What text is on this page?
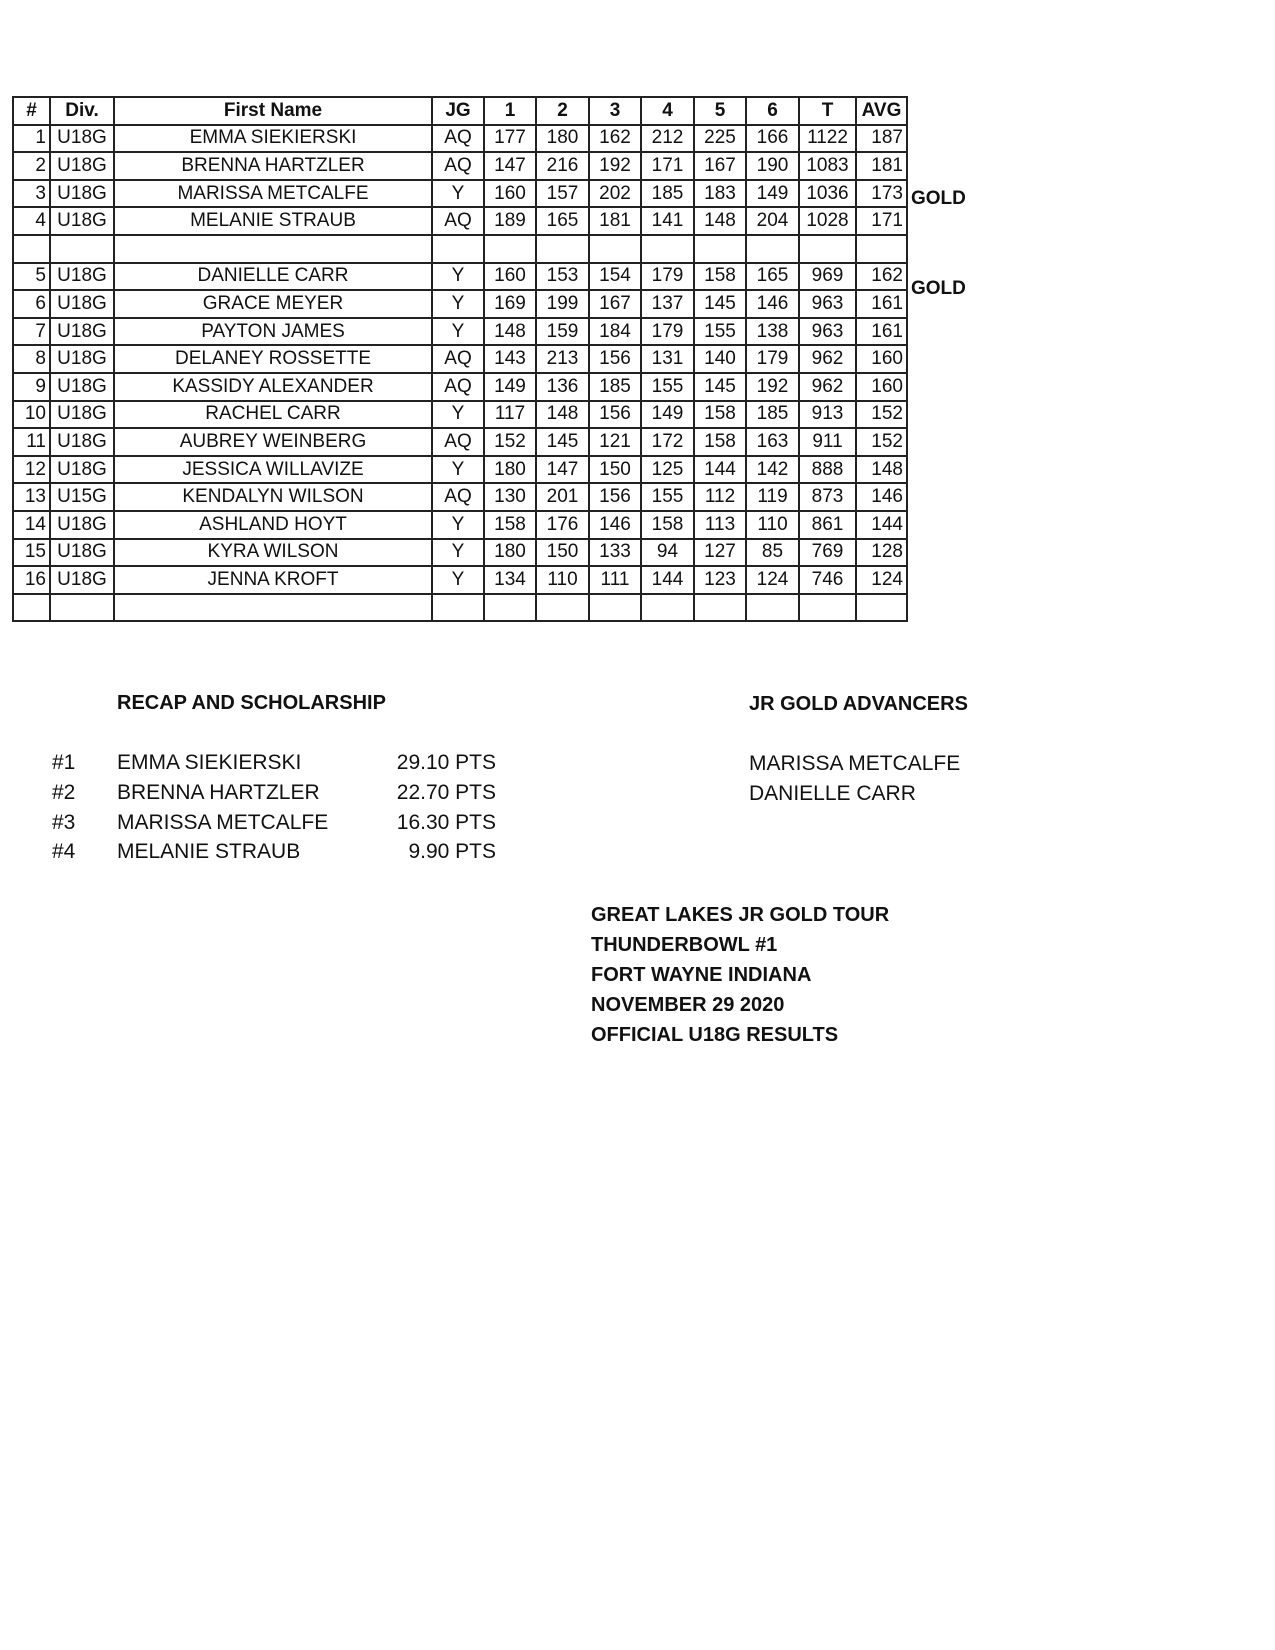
#	Div.	First Name	JG	1	2	3	4	5	6	T	AVG
1	U18G	EMMA SIEKIERSKI	AQ	177	180	162	212	225	166	1122	187
2	U18G	BRENNA HARTZLER	AQ	147	216	192	171	167	190	1083	181
3	U18G	MARISSA METCALFE	Y	160	157	202	185	183	149	1036	173
4	U18G	MELANIE STRAUB	AQ	189	165	181	141	148	204	1028	171

5	U18G	DANIELLE CARR	Y	160	153	154	179	158	165	969	162
6	U18G	GRACE MEYER	Y	169	199	167	137	145	146	963	161
7	U18G	PAYTON JAMES	Y	148	159	184	179	155	138	963	161
8	U18G	DELANEY ROSSETTE	AQ	143	213	156	131	140	179	962	160
9	U18G	KASSIDY ALEXANDER	AQ	149	136	185	155	145	192	962	160
10	U18G	RACHEL CARR	Y	117	148	156	149	158	185	913	152
11	U18G	AUBREY WEINBERG	AQ	152	145	121	172	158	163	911	152
12	U18G	JESSICA WILLAVIZE	Y	180	147	150	125	144	142	888	148
13	U15G	KENDALYN WILSON	AQ	130	201	156	155	112	119	873	146
14	U18G	ASHLAND HOYT	Y	158	176	146	158	113	110	861	144
15	U18G	KYRA WILSON	Y	180	150	133	94	127	85	769	128
16	U18G	JENNA KROFT	Y	134	110	111	144	123	124	746	124

GOLD
GOLD
RECAP AND SCHOLARSHIP
#1 EMMA SIEKIERSKI	29.10 PTS
#2 BRENNA HARTZLER	22.70 PTS
#3 MARISSA METCALFE	16.30 PTS
#4 MELANIE STRAUB	9.90 PTS
JR GOLD ADVANCERS
MARISSA METCALFE
DANIELLE CARR
GREAT LAKES JR GOLD TOUR
THUNDERBOWL #1
FORT WAYNE INDIANA
NOVEMBER 29 2020
OFFICIAL U18G RESULTS
